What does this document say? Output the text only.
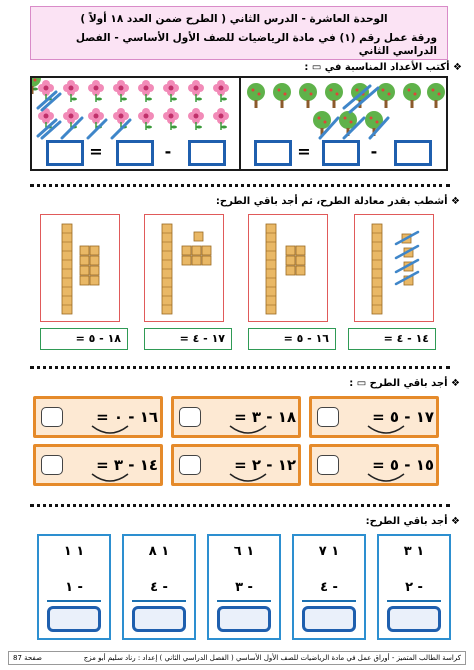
الوحدة العاشرة - الدرس الثاني ( الطرح ضمن العدد ١٨ أولاً )
ورقة عمل رقم (١) في مادة الرياضيات للصف الأول الأساسي - الفصل الدراسي الثاني
❖ أكتب الأعداد المناسبة في ▭ :
=	-	=	-
❖ أشطب بقدر معادلة الطرح، ثم أجد باقي الطرح:
١٨ - ٥ =	١٧ - ٤ =	١٦ - ٥ =	١٤ - ٤ =
❖ أجد باقي الطرح ▭ :
١٦ - ٠ =	١٨ - ٣ =	١٧ - ٥ =
١٤ - ٣ =	١٢ - ٢ =	١٥ - ٥ =
❖ أجد باقي الطرح:
١ ١
١ -
١ ٨
٤ -
١ ٦
٣ -
١ ٧
٤ -
١ ٣
٢ -
كراسة الطالب المتميز - أوراق عمل في مادة الرياضيات للصف الأول الأساسي ( الفصل الدراسي الثاني ) إعداد : رناد سليم أبو مزج
صفحة 87
